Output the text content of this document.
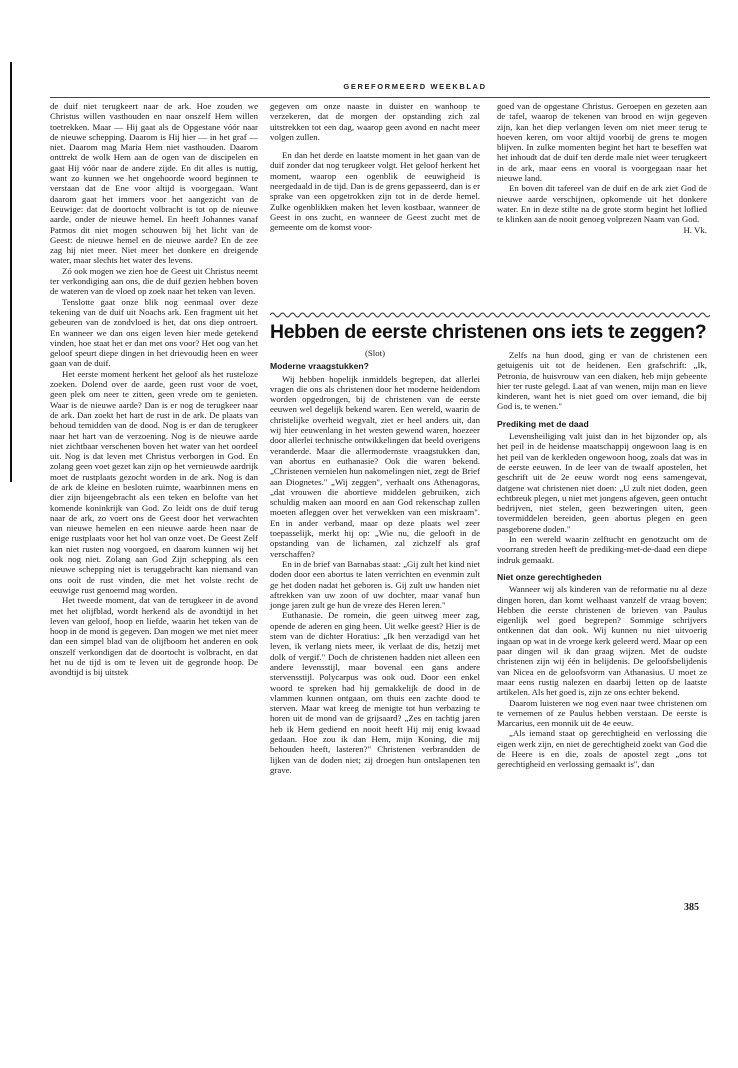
GEREFORMEERD WEEKBLAD

de duif niet terugkeert naar de ark. Hoe zouden we Christus willen vasthouden en naar onszelf Hem willen toetrekken. Maar — Hij gaat als de Opgestane vóór naar de nieuwe schepping. Daarom is Hij hier — in het graf — niet. Daarom mag Maria Hem niet vasthouden. Daarom onttrekt de wolk Hem aan de ogen van de discipelen en gaat Hij vóór naar de andere zijde. En dit alles is nuttig, want zo kunnen we het ongehoorde woord beginnen te verstaan dat de Ene voor altijd is voorgegaan. Want daarom gaat het immers voor het aangezicht van de Eeuwige: dat de doortocht volbracht is tot op de nieuwe aarde, onder de nieuwe hemel. En heeft Johannes vanaf Patmos dit niet mogen schouwen bij het licht van de Geest: de nieuwe hemel en de nieuwe aarde? En de zee zag hij niet meer. Niet meer het donkere en dreigende water, maar slechts het water des levens.

Zó ook mogen we zien hoe de Geest uit Christus neemt ter verkondiging aan ons, die de duif gezien hebben boven de wateren van de vloed op zoek naar het teken van leven.

Tenslotte gaat onze blik nog eenmaal over deze tekening van de duif uit Noachs ark. Een fragment uit het gebeuren van de zondvloed is het, dat ons diep ontroert. En wanneer we dan ons eigen leven hier mede getekend vinden, hoe staat het er dan met ons voor? Het oog van het geloof speurt diepe dingen in het drievoudig heen en weer gaan van de duif.

Het eerste moment herkent het geloof als het rusteloze zoeken. Dolend over de aarde, geen rust voor de voet, geen plek om neer te zitten, geen vrede om te genieten. Waar is de nieuwe aarde? Dan is er nog de terugkeer naar de ark. Dan zoekt het hart de rust in de ark. De plaats van behoud temidden van de dood. Nog is er dan de terugkeer naar het hart van de verzoening. Nog is de nieuwe aarde niet zichtbaar verschenen boven het water van het oordeel uit. Nog is dat leven met Christus verborgen in God. En zolang geen voet gezet kan zijn op het vernieuwde aardrijk moet de rustplaats gezocht worden in de ark. Nog is dan de ark de kleine en besloten ruimte, waarbinnen mens en dier zijn bijeengebracht als een teken en belofte van het komende koninkrijk van God. Zo leidt ons de duif terug naar de ark, zo voert ons de Geest door het verwachten van nieuwe hemelen en een nieuwe aarde heen naar de enige rustplaats voor het hol van onze voet. De Geest Zelf kan niet rusten nog voorgoed, en daarom kunnen wij het ook nog niet. Zolang aan God Zijn schepping als een nieuwe schepping niet is teruggebracht kan niemand van ons ooit de rust vinden, die met het volste recht de eeuwige rust genoemd mag worden.

Het tweede moment, dat van de terugkeer in de avond met het olijfblad, wordt herkend als de avondtijd in het leven van geloof, hoop en liefde, waarin het teken van de hoop in de mond is gegeven. Dan mogen we met niet meer dan een simpel blad van de olijfboom het anderen en ook onszelf verkondigen dat de doortocht is volbracht, en dat het nu de tijd is om te leven uit de gegronde hoop. De avondtijd is bij uitstek

gegeven om onze naaste in duister en wanhoop te verzekeren, dat de morgen der opstanding zich zal uitstrekken tot een dag, waarop geen avond en nacht meer volgen zullen.

En dan het derde en laatste moment in het gaan van de duif zonder dat nog terugkeer volgt. Het geloof herkent het moment, waarop een ogenblik de eeuwigheid is neergedaald in de tijd. Dan is de grens gepasseerd, dan is er sprake van een opgetrokken zijn tot in de derde hemel. Zulke ogenblikken maken het leven kostbaar, wanneer de Geest in ons zucht, en wanneer de Geest zucht met de gemeente om de komst voor-

goed van de opgestane Christus. Geroepen en gezeten aan de tafel, waarop de tekenen van brood en wijn gegeven zijn, kan het diep verlangen leven om niet meer terug te hoeven keren, om voor altijd voorbij de grens te mogen blijven. In zulke momenten begint het hart te beseffen wat het inhoudt dat de duif ten derde male niet weer terugkeert in de ark, maar eens en vooral is voorgegaan naar het nieuwe land.

En boven dit tafereel van de duif en de ark ziet God de nieuwe aarde verschijnen, opkomende uit het donkere water. En in deze stilte na de grote storm begint het loflied te klinken aan de nooit genoeg volprezen Naam van God.

H. Vk.
Hebben de eerste christenen ons iets te zeggen?

(Slot)

Moderne vraagstukken?

Wij hebben hopelijk inmiddels begrepen, dat allerlei vragen die ons als christenen door het moderne heidendom worden opgedrongen, bij de christenen van de eerste eeuwen wel degelijk bekend waren. Een wereld, waarin de christelijke overheid wegvalt, ziet er heel anders uit, dan wij hier eeuwenlang in het westen gewend waren, hoezeer door allerlei technische ontwikkelingen dat beeld overigens veranderde. Maar die allermodernste vraagstukken dan, van abortus en euthanasie? Ook die waren bekend. „Christenen vernielen hun nakomelingen niet, zegt de Brief aan Diognetes." „Wij zeggen", verhaalt ons Athenagoras, „dat vrouwen die abortieve middelen gebruiken, zich schuldig maken aan moord en aan God rekenschap zullen moeten afleggen over het verwekken van een miskraam". En in ander verband, maar op deze plaats wel zeer toepasselijk, merkt hij op: „Wie nu, die gelooft in de opstanding van de lichamen, zal zichzelf als graf verschaffen?

En in de brief van Barnabas staat: „Gij zult het kind niet doden door een abortus te laten verrichten en evenmin zult ge het doden nadat het geboren is. Gij zult uw handen niet aftrekken van uw zoon of uw dochter, maar vanaf hun jonge jaren zult ge hun de vreze des Heren leren."

Euthanasie. De romein, die geen uitweg meer zag, opende de aderen en ging heen. Uit welke geest? Hier is de stem van de dichter Horatius: „Ik ben verzadigd van het leven, ik verlang niets meer, ik verlaat de dis, hetzij met dolk of vergif." Doch de christenen hadden niet alleen een andere levensstijl, maar bovenal een gans andere stervensstijl. Polycarpus was ook oud. Door een enkel woord te spreken had hij gemakkelijk de dood in de vlammen kunnen ontgaan, om thuis een zachte dood te sterven. Maar wat kreeg de menigte tot hun verbazing te horen uit de mond van de grijsaard? „Zes en tachtig jaren heb ik Hem gediend en nooit heeft Hij mij enig kwaad gedaan. Hoe zou ik dan Hem, mijn Koning, die mij behouden heeft, lasteren?" Christenen verbrandden de lijken van de doden niet; zij droegen hun ontslapenen ten grave.

Zelfs na hun dood, ging er van de christenen een getuigenis uit tot de heidenen. Een grafschrift: „Ik, Petronia, de huisvrouw van een diaken, heb mijn gebeente hier ter ruste gelegd. Laat af van wenen, mijn man en lieve kinderen, want het is niet goed om over iemand, die bij God is, te wenen."

Prediking met de daad

Levensheiliging valt juist dan in het bijzonder op, als het peil in de heidense maatschappij ongewoon laag is en het peil van de kerkleden ongewoon hoog, zoals dat was in de eerste eeuwen. In de leer van de twaalf apostelen, het geschrift uit de 2e eeuw wordt nog eens samengevat, datgene wat christenen niet doen: „U zult niet doden, geen echtbreuk plegen, u niet met jongens afgeven, geen ontucht bedrijven, niet stelen, geen bezweringen uiten, geen tovermiddelen bereiden, geen abortus plegen en geen pasgeborene doden."

In een wereld waarin zelftucht en genotzucht om de voorrang streden heeft de prediking-met-de-daad een diepe indruk gemaakt.

Niet onze gerechtigheden

Wanneer wij als kinderen van de reformatie nu al deze dingen horen, dan komt welhaast vanzelf de vraag boven: Hebben die eerste christenen de brieven van Paulus eigenlijk wel goed begrepen? Sommige schrijvers ontkennen dat dan ook. Wij kunnen nu niet uitvoerig ingaan op wat in de vroege kerk geleerd werd. Maar op een paar dingen wil ik dan graag wijzen. Met de oudste christenen zijn wij één in belijdenis. De geloofsbelijdenis van Nicea en de geloofsvorm van Athanasius. U moet ze maar eens rustig nalezen en daarbij letten op de laatste artikelen. Als het goed is, zijn ze ons echter bekend.

Daarom luisteren we nog even naar twee christenen om te vernemen of ze Paulus hebben verstaan. De eerste is Marcarius, een monnik uit de 4e eeuw.

„Als iemand staat op gerechtigheid en verlossing die eigen werk zijn, en niet de gerechtigheid zoekt van God die de Heere is en die, zoals de apostel zegt „ons tot gerechtigheid en verlossing gemaakt is", dan

385
